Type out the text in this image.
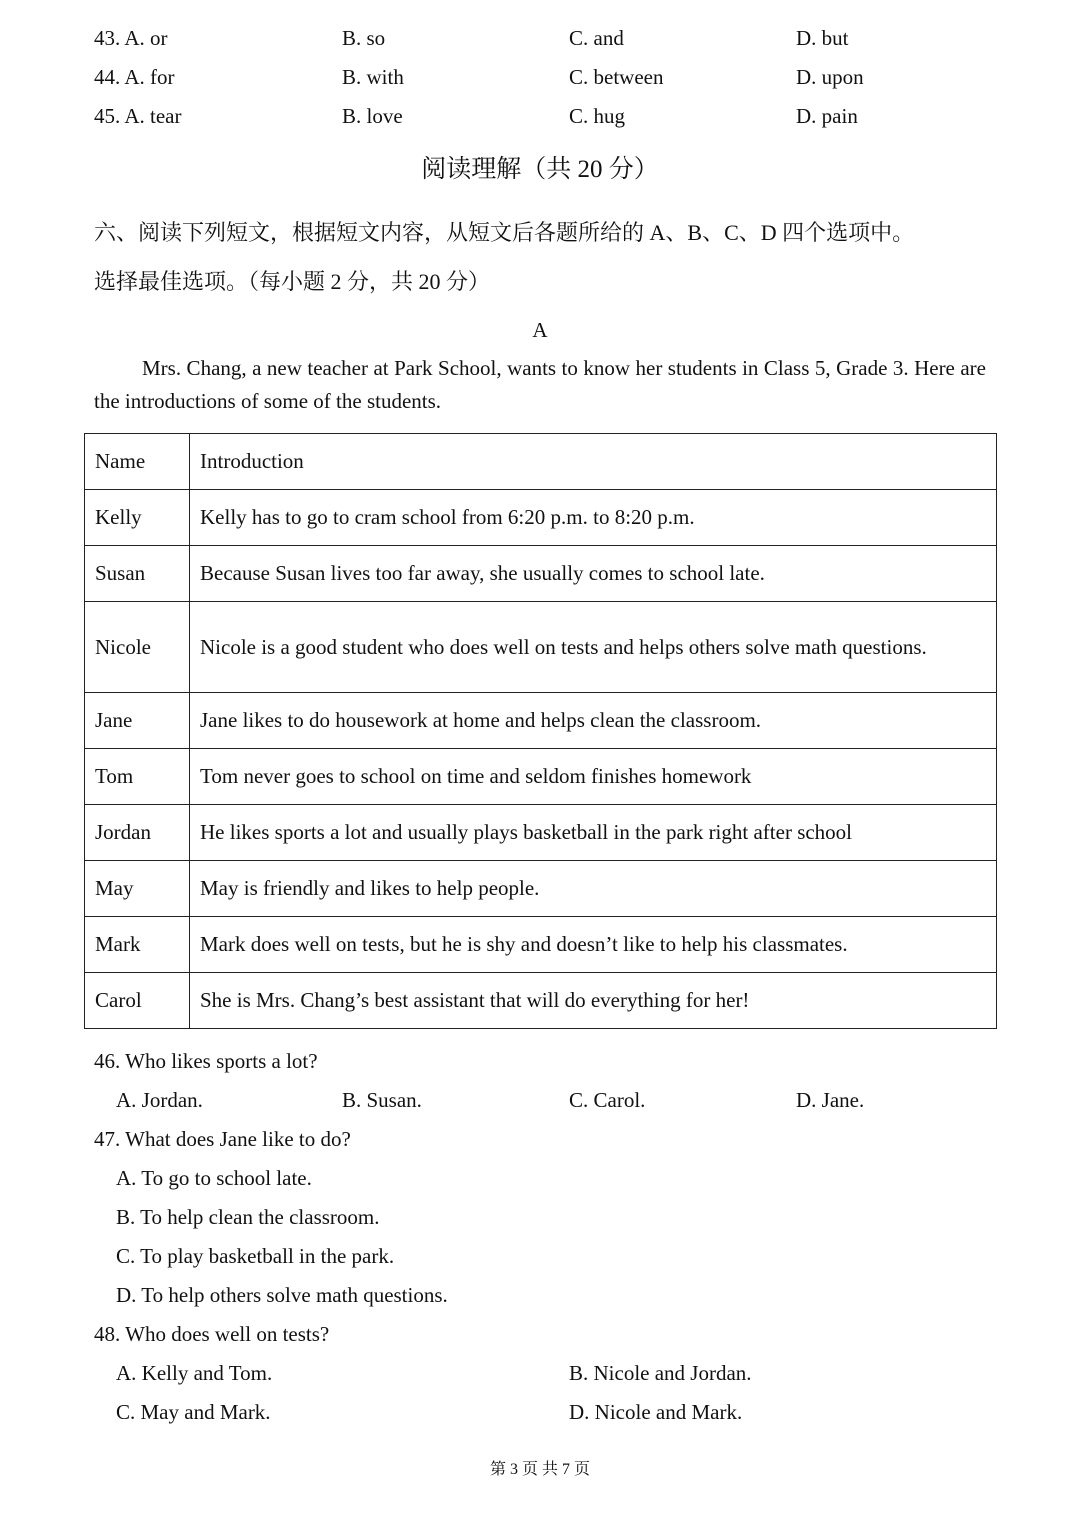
43. A. or	B. so	C. and	D. but
44. A. for	B. with	C. between	D. upon
45. A. tear	B. love	C. hug	D. pain
阅读理解（共 20 分）
六、阅读下列短文，根据短文内容，从短文后各题所给的 A、B、C、D 四个选项中。
选择最佳选项。（每小题 2 分，共 20 分）
A
Mrs. Chang, a new teacher at Park School, wants to know her students in Class 5, Grade 3. Here are the introductions of some of the students.
Name	Introduction
Kelly	Kelly has to go to cram school from 6:20 p.m. to 8:20 p.m.
Susan	Because Susan lives too far away, she usually comes to school late.
Nicole	Nicole is a good student who does well on tests and helps others solve math questions.
Jane	Jane likes to do housework at home and helps clean the classroom.
Tom	Tom never goes to school on time and seldom finishes homework
Jordan	He likes sports a lot and usually plays basketball in the park right after school
May	May is friendly and likes to help people.
Mark	Mark does well on tests, but he is shy and doesn’t like to help his classmates.
Carol	She is Mrs. Chang’s best assistant that will do everything for her!
46. Who likes sports a lot?
A. Jordan.	B. Susan.	C. Carol.	D. Jane.
47. What does Jane like to do?
A. To go to school late.
B. To help clean the classroom.
C. To play basketball in the park.
D. To help others solve math questions.
48. Who does well on tests?
A. Kelly and Tom.	B. Nicole and Jordan.
C. May and Mark.	D. Nicole and Mark.
第 3 页 共 7 页
